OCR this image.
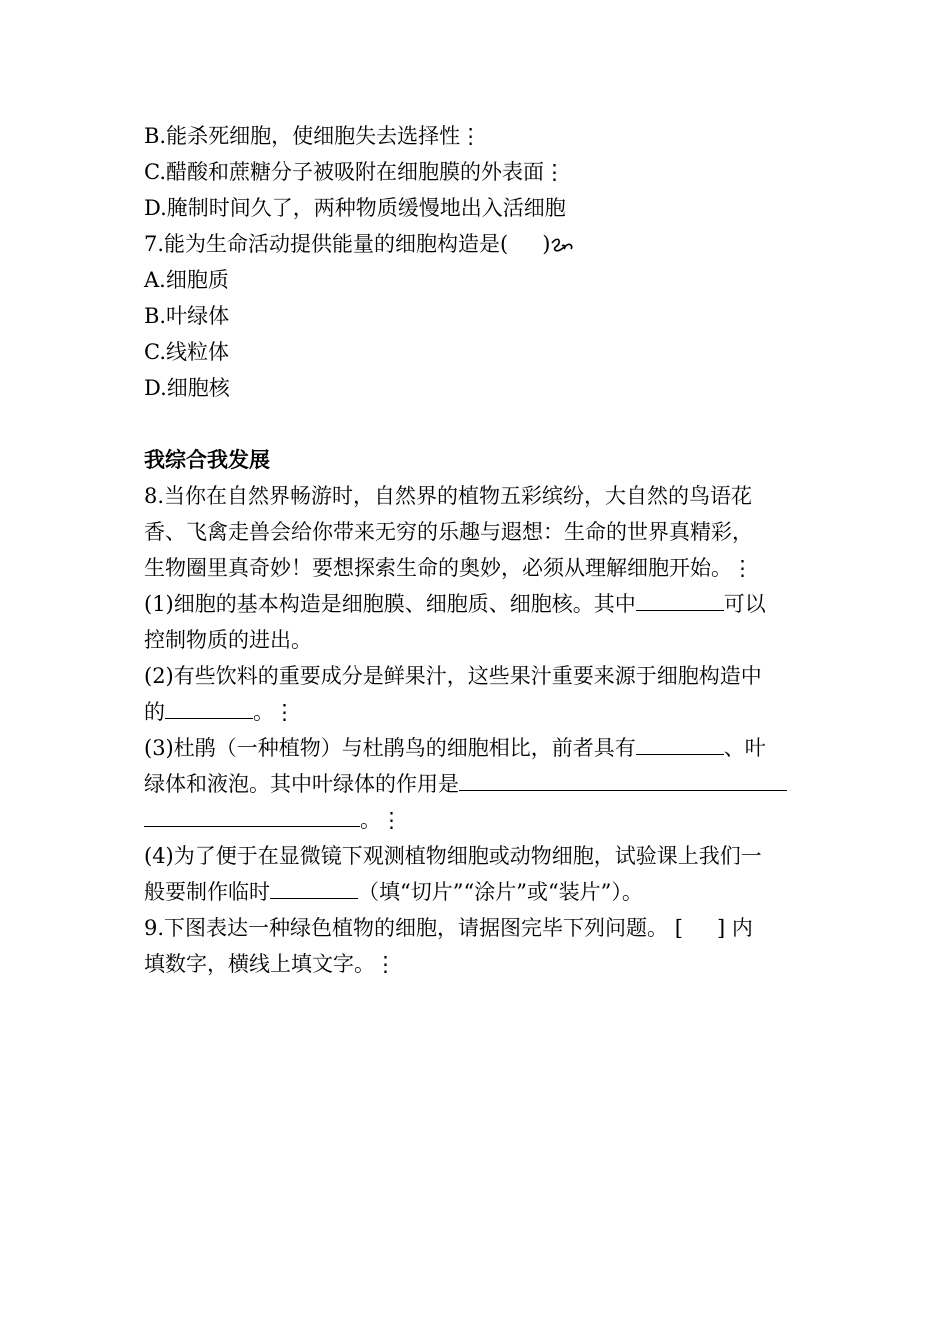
B.能杀死细胞，使细胞失去选择性⋮
C.醋酸和蔗糖分子被吸附在细胞膜的外表面⋮
D.腌制时间久了，两种物质缓慢地出入活细胞
7.能为生命活动提供能量的细胞构造是( )
A.细胞质
B.叶绿体
C.线粒体
D.细胞核
我综合我发展
8.当你在自然界畅游时，自然界的植物五彩缤纷，大自然的鸟语花
香、飞禽走兽会给你带来无穷的乐趣与遐想：生命的世界真精彩，
生物圈里真奇妙！要想探索生命的奥妙，必须从理解细胞开始。⋮
(1)细胞的基本构造是细胞膜、细胞质、细胞核。其中	可以
控制物质的进出。
(2)有些饮料的重要成分是鲜果汁，这些果汁重要来源于细胞构造中
的	。⋮
(3)杜鹃（一种植物）与杜鹃鸟的细胞相比，前者具有	、叶
绿体和液泡。其中叶绿体的作用是
。⋮
(4)为了便于在显微镜下观测植物细胞或动物细胞，试验课上我们一
般要制作临时	（填“切片”“涂片”或“装片”）。
9.下图表达一种绿色植物的细胞，请据图完毕下列问题。 [ ] 内
填数字，横线上填文字。⋮
